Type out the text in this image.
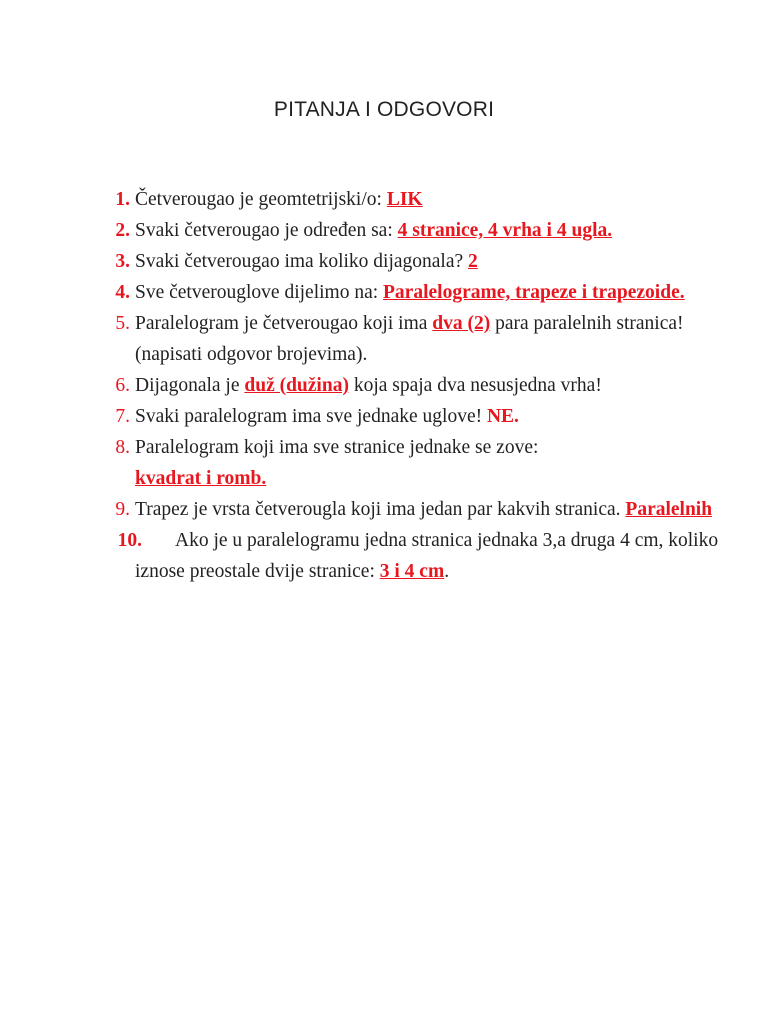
PITANJA I ODGOVORI
1. Četverougao je geomtetrijski/o: LIK
2. Svaki četverougao je određen sa: 4 stranice, 4 vrha i 4 ugla.
3. Svaki četverougao ima koliko dijagonala? 2
4. Sve četverouglove dijelimo na: Paralelograme, trapeze i trapezoide.
5. Paralelogram je četverougao koji ima dva (2) para paralelnih stranica! (napisati odgovor brojevima).
6. Dijagonala je duž (dužina) koja spaja dva nesusjedna vrha!
7. Svaki paralelogram ima sve jednake uglove! NE.
8. Paralelogram koji ima sve stranice jednake se zove:
kvadrat i romb.
9. Trapez je vrsta četverougla koji ima jedan par kakvih stranica. Paralelnih
10. Ako je u paralelogramu jedna stranica jednaka 3,a druga 4 cm, koliko iznose preostale dvije stranice: 3 i 4 cm.
